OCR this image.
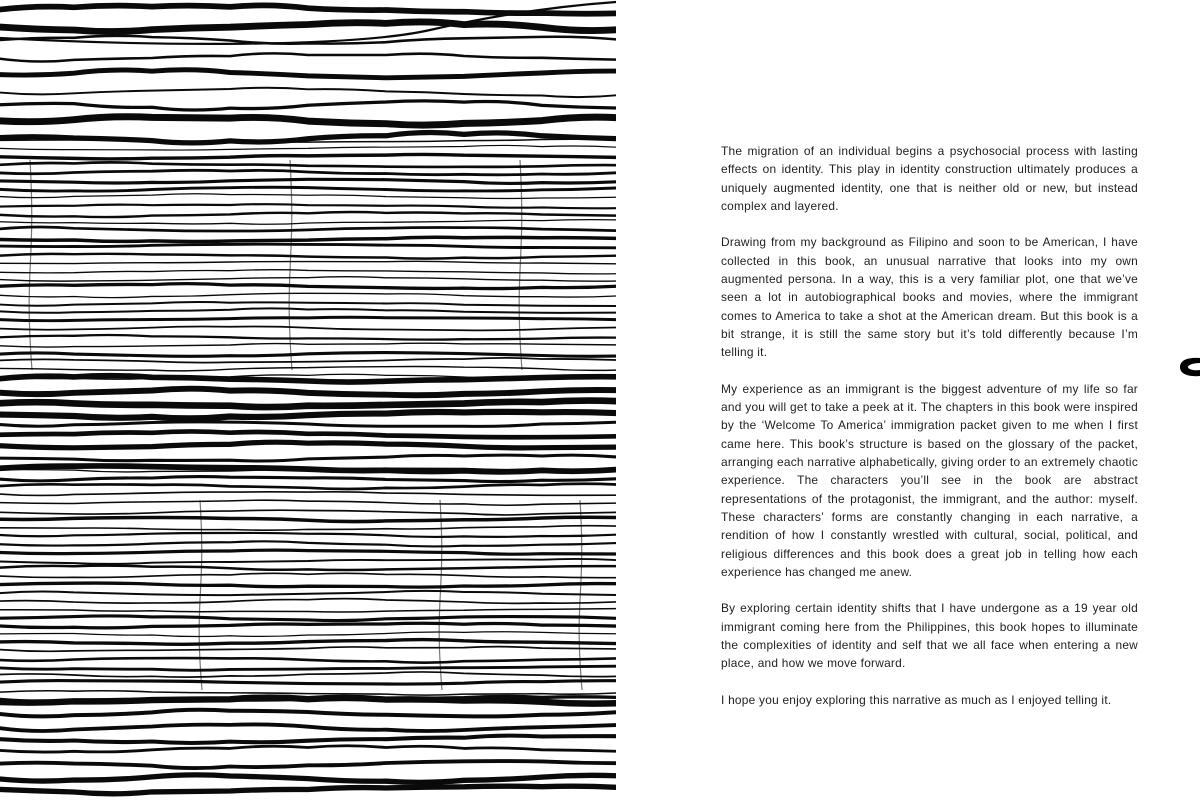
The migration of an individual begins a psychosocial process with lasting effects on identity. This play in identity construction ultimately produces a uniquely augmented identity, one that is neither old or new, but instead complex and layered.

Drawing from my background as Filipino and soon to be American, I have collected in this book, an unusual narrative that looks into my own augmented persona. In a way, this is a very familiar plot, one that we’ve seen a lot in autobiographical books and movies, where the immigrant comes to America to take a shot at the American dream. But this book is a bit strange, it is still the same story but it’s told differently because I’m telling it.

My experience as an immigrant is the biggest adventure of my life so far and you will get to take a peek at it. The chapters in this book were inspired by the ‘Welcome To America’ immigration packet given to me when I first came here. This book’s structure is based on the glossary of the packet, arranging each narrative alphabetically, giving order to an extremely chaotic experience. The characters you’ll see in the book are abstract representations of the protagonist, the immigrant, and the author: myself. These characters’ forms are constantly changing in each narrative, a rendition of how I constantly wrestled with cultural, social, political, and religious differences and this book does a great job in telling how each experience has changed me anew.

By exploring certain identity shifts that I have undergone as a 19 year old immigrant coming here from the Philippines, this book hopes to illuminate the complexities of identity and self that we all face when entering a new place, and how we move forward.

I hope you enjoy exploring this narrative as much as I enjoyed telling it.
